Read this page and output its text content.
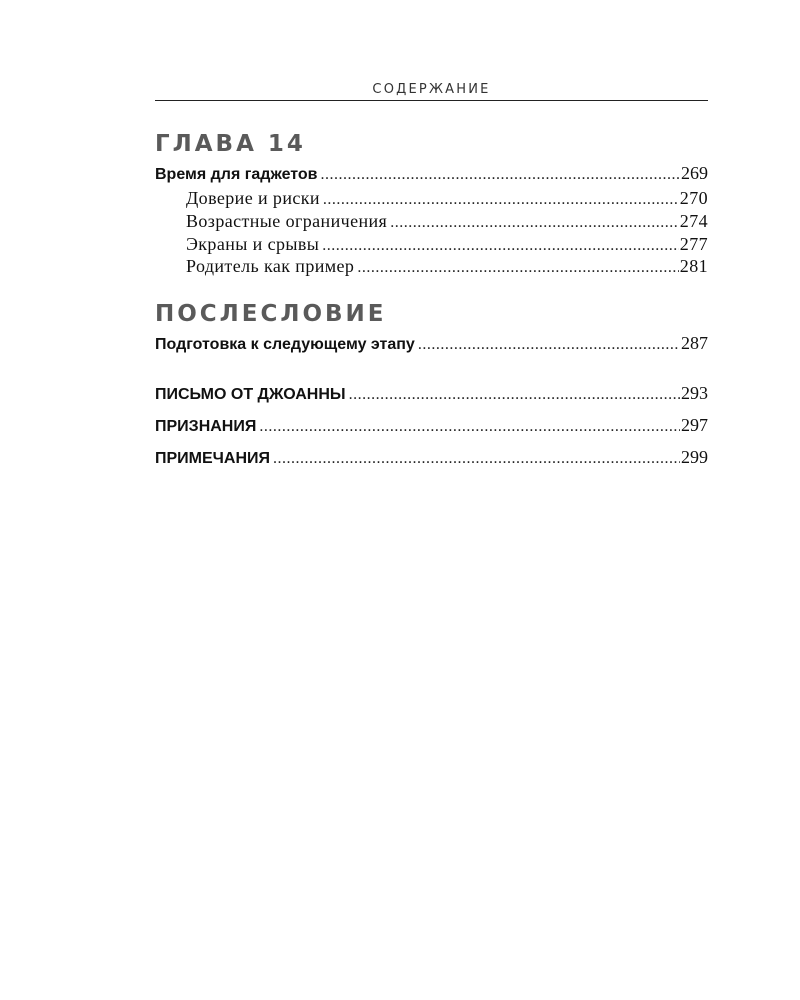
СОДЕРЖАНИЕ
ГЛАВА 14
Время для гаджетов .....	269
Доверие и риски .....	270
Возрастные ограничения .....	274
Экраны и срывы .....	277
Родитель как пример .....	281
ПОСЛЕСЛОВИЕ
Подготовка к следующему этапу .....	287
ПИСЬМО ОТ ДЖОАННЫ .....	293
ПРИЗНАНИЯ .....	297
ПРИМЕЧАНИЯ .....	299
